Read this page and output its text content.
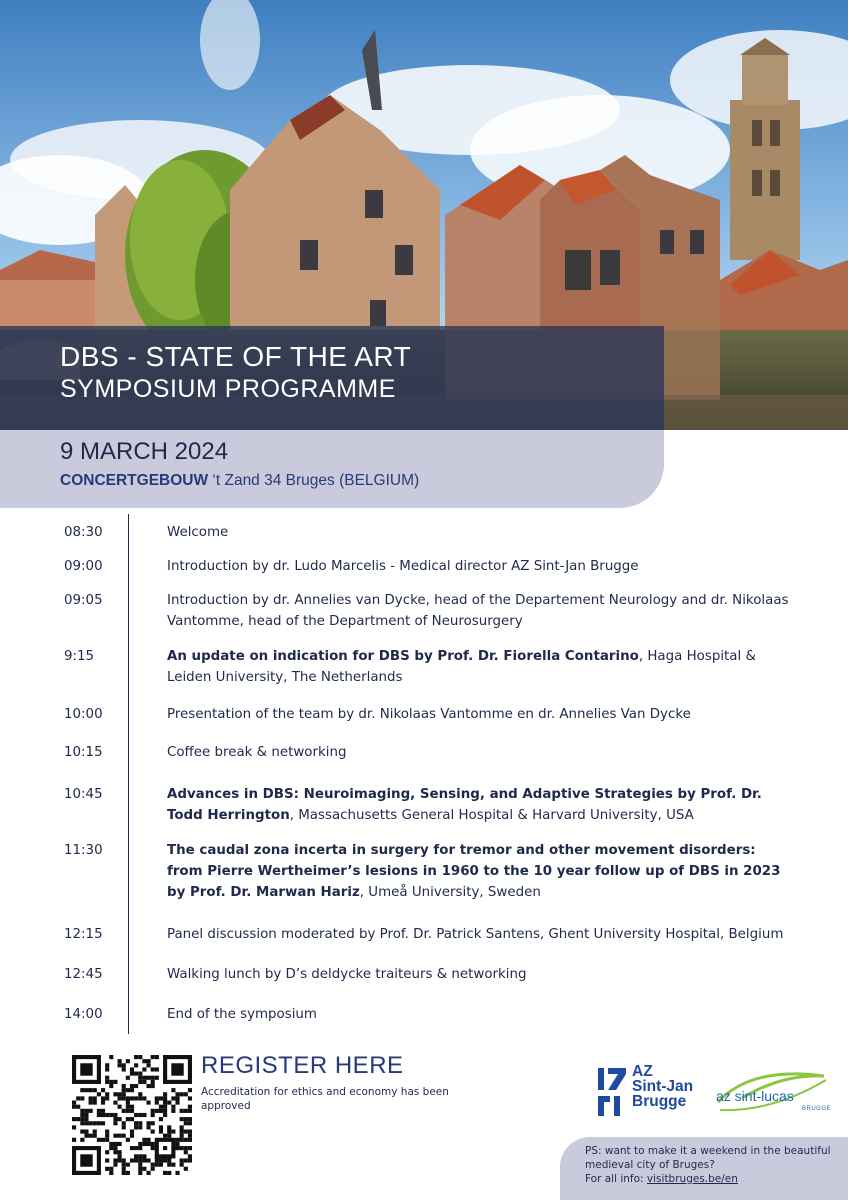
DBS - STATE OF THE ART
SYMPOSIUM PROGRAMME
9 MARCH 2024
CONCERTGEBOUW ‘t Zand 34 Bruges (BELGIUM)
08:30	Welcome
09:00	Introduction by dr. Ludo Marcelis - Medical director AZ Sint-Jan Brugge
09:05	Introduction by dr. Annelies van Dycke, head of the Departement Neurology and dr. Nikolaas Vantomme, head of the Department of Neurosurgery
9:15	An update on indication for DBS by Prof. Dr. Fiorella Contarino, Haga Hospital & Leiden University, The Netherlands
10:00	Presentation of the team by dr. Nikolaas Vantomme en dr. Annelies Van Dycke
10:15	Coffee break & networking
10:45	Advances in DBS: Neuroimaging, Sensing, and Adaptive Strategies by Prof. Dr. Todd Herrington, Massachusetts General Hospital & Harvard University, USA
11:30	The caudal zona incerta in surgery for tremor and other movement disorders: from Pierre Wertheimer’s lesions in 1960 to the 10 year follow up of DBS in 2023 by Prof. Dr. Marwan Hariz, Umeå University, Sweden
12:15	Panel discussion moderated by Prof. Dr. Patrick Santens, Ghent University Hospital, Belgium
12:45	Walking lunch by D’s deldycke traiteurs & networking
14:00	End of the symposium
REGISTER HERE
Accreditation for ethics and economy has been approved
AZ
Sint-Jan
Brugge	az sint-lucas
BRUGGE
PS: want to make it a weekend in the beautiful
medieval city of Bruges?
For all info: visitbruges.be/en
